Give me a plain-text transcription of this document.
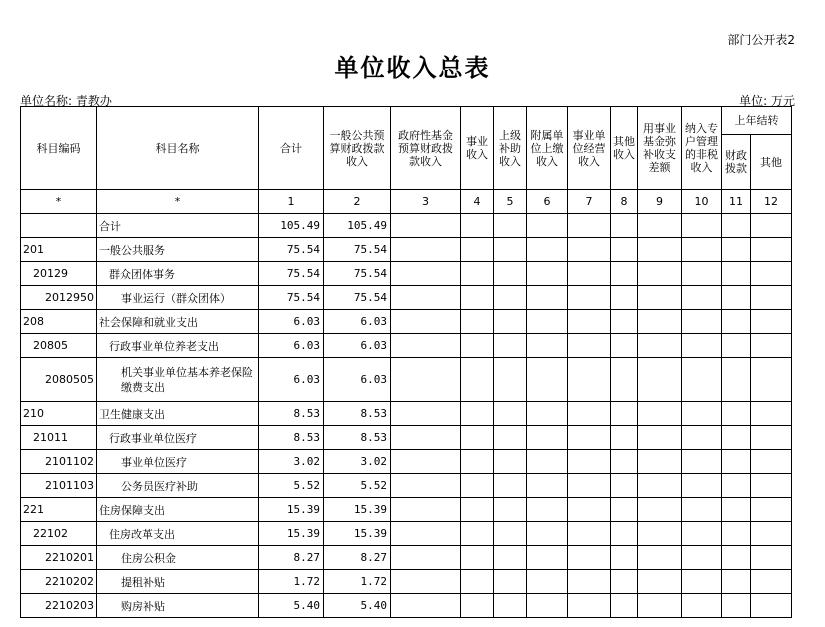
部门公开表2
单位收入总表
单位名称: 青教办	单位: 万元
科目编码	科目名称	合计	一般公共预算财政拨款收入	政府性基金预算财政拨款收入	事业收入	上级补助收入	附属单位上缴收入	事业单位经营收入	其他收入	用事业基金弥补收支差额	纳入专户管理的非税收入	上年结转	
												财政拨款	其他
*	*	1	2	3	4	5	6	7	8	9	10	11	12
	合计	105.49	105.49										
201	一般公共服务	75.54	75.54										
20129	群众团体事务	75.54	75.54										
2012950	事业运行（群众团体）	75.54	75.54										
208	社会保障和就业支出	6.03	6.03										
20805	行政事业单位养老支出	6.03	6.03										
2080505	机关事业单位基本养老保险缴费支出	6.03	6.03										
210	卫生健康支出	8.53	8.53										
21011	行政事业单位医疗	8.53	8.53										
2101102	事业单位医疗	3.02	3.02										
2101103	公务员医疗补助	5.52	5.52										
221	住房保障支出	15.39	15.39										
22102	住房改革支出	15.39	15.39										
2210201	住房公积金	8.27	8.27										
2210202	提租补贴	1.72	1.72										
2210203	购房补贴	5.40	5.40										
